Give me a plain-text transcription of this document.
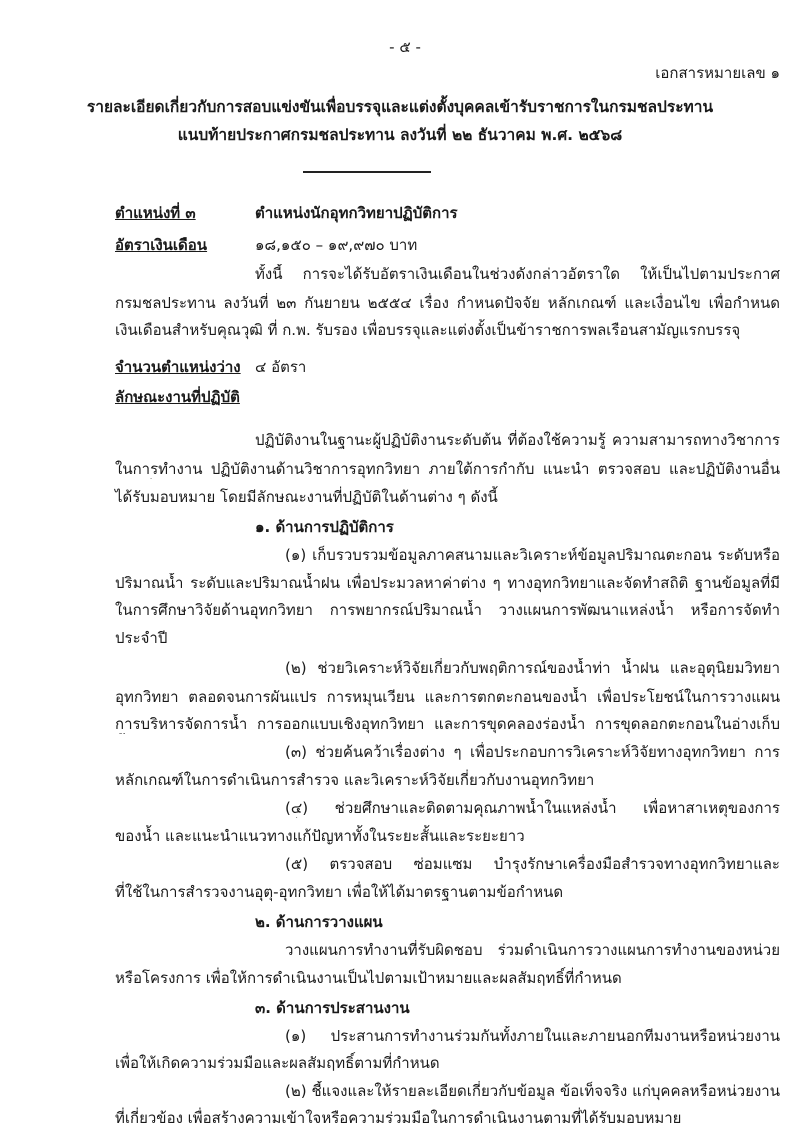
- ๕ -
เอกสารหมายเลข ๑
รายละเอียดเกี่ยวกับการสอบแข่งขันเพื่อบรรจุและแต่งตั้งบุคคลเข้ารับราชการในกรมชลประทาน
แนบท้ายประกาศกรมชลประทาน ลงวันที่ ๒๒ ธันวาคม พ.ศ. ๒๕๖๘
ตำแหน่งที่ ๓	ตำแหน่งนักอุทกวิทยาปฏิบัติการ
อัตราเงินเดือน	๑๘,๑๕๐ – ๑๙,๙๗๐ บาท
ทั้งนี้ การจะได้รับอัตราเงินเดือนในช่วงดังกล่าวอัตราใด ให้เป็นไปตามประกาศ
กรมชลประทาน ลงวันที่ ๒๓ กันยายน ๒๕๕๔ เรื่อง กำหนดปัจจัย หลักเกณฑ์ และเงื่อนไข เพื่อกำหนด
เงินเดือนสำหรับคุณวุฒิ ที่ ก.พ. รับรอง เพื่อบรรจุและแต่งตั้งเป็นข้าราชการพลเรือนสามัญแรกบรรจุ
จำนวนตำแหน่งว่าง ๔ อัตรา
ลักษณะงานที่ปฏิบัติ
ปฏิบัติงานในฐานะผู้ปฏิบัติงานระดับต้น ที่ต้องใช้ความรู้ ความสามารถทางวิชาการ
ในการทำงาน ปฏิบัติงานด้านวิชาการอุทกวิทยา ภายใต้การกำกับ แนะนำ ตรวจสอบ และปฏิบัติงานอื่น
ได้รับมอบหมาย โดยมีลักษณะงานที่ปฏิบัติในด้านต่าง ๆ ดังนี้
๑. ด้านการปฏิบัติการ
(๑) เก็บรวบรวมข้อมูลภาคสนามและวิเคราะห์ข้อมูลปริมาณตะกอน ระดับหรือ
ปริมาณน้ำ ระดับและปริมาณน้ำฝน เพื่อประมวลหาค่าต่าง ๆ ทางอุทกวิทยาและจัดทำสถิติ ฐานข้อมูลที่มี
ในการศึกษาวิจัยด้านอุทกวิทยา การพยากรณ์ปริมาณน้ำ วางแผนการพัฒนาแหล่งน้ำ หรือการจัดทำ
ประจำปี
(๒) ช่วยวิเคราะห์วิจัยเกี่ยวกับพฤติการณ์ของน้ำท่า น้ำฝน และอุตุนิยมวิทยา
อุทกวิทยา ตลอดจนการผันแปร การหมุนเวียน และการตกตะกอนของน้ำ เพื่อประโยชน์ในการวางแผน
การบริหารจัดการน้ำ การออกแบบเชิงอุทกวิทยา และการขุดคลองร่องน้ำ การขุดลอกตะกอนในอ่างเก็บ
(๓) ช่วยค้นคว้าเรื่องต่าง ๆ เพื่อประกอบการวิเคราะห์วิจัยทางอุทกวิทยา การ
หลักเกณฑ์ในการดำเนินการสำรวจ และวิเคราะห์วิจัยเกี่ยวกับงานอุทกวิทยา
(๔) ช่วยศึกษาและติดตามคุณภาพน้ำในแหล่งน้ำ เพื่อหาสาเหตุของการ
ของน้ำ และแนะนำแนวทางแก้ปัญหาทั้งในระยะสั้นและระยะยาว
(๕) ตรวจสอบ ซ่อมแซม บำรุงรักษาเครื่องมือสำรวจทางอุทกวิทยาและ
ที่ใช้ในการสำรวจงานอุตุ-อุทกวิทยา เพื่อให้ได้มาตรฐานตามข้อกำหนด
๒. ด้านการวางแผน
วางแผนการทำงานที่รับผิดชอบ ร่วมดำเนินการวางแผนการทำงานของหน่วย
หรือโครงการ เพื่อให้การดำเนินงานเป็นไปตามเป้าหมายและผลสัมฤทธิ์ที่กำหนด
๓. ด้านการประสานงาน
(๑) ประสานการทำงานร่วมกันทั้งภายในและภายนอกทีมงานหรือหน่วยงาน
เพื่อให้เกิดความร่วมมือและผลสัมฤทธิ์ตามที่กำหนด
(๒) ชี้แจงและให้รายละเอียดเกี่ยวกับข้อมูล ข้อเท็จจริง แก่บุคคลหรือหน่วยงาน
ที่เกี่ยวข้อง เพื่อสร้างความเข้าใจหรือความร่วมมือในการดำเนินงานตามที่ได้รับมอบหมาย
